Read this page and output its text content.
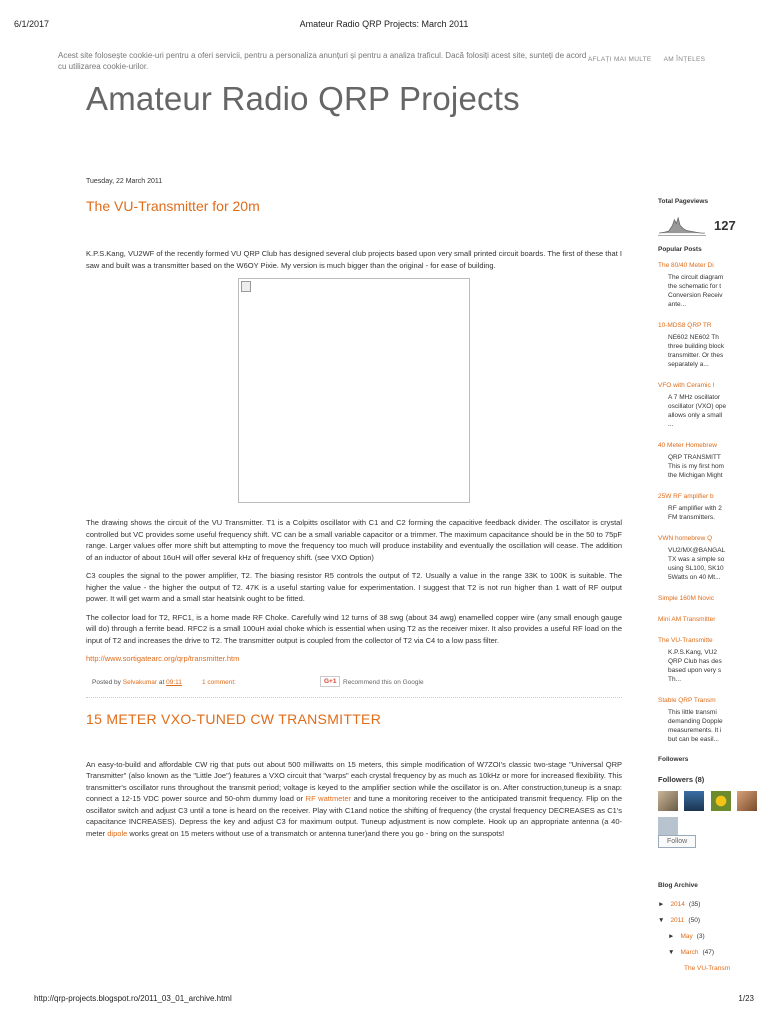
6/1/2017	Amateur Radio QRP Projects: March 2011
Acest site folosește cookie-uri pentru a oferi servicii, pentru a personaliza anunțuri și pentru a analiza traficul. Dacă folosiți acest site, sunteți de acord cu utilizarea cookie-urilor.
AFLAȚI MAI MULTE AM ÎNȚELES
Amateur Radio QRP Projects
Tuesday, 22 March 2011
The VU-Transmitter for 20m

K.P.S.Kang, VU2WF of the recently formed VU QRP Club has designed several club projects based upon very small printed circuit boards. The first of these that I saw and built was a transmitter based on the W6OY Pixie. My version is much bigger than the original - for ease of building.

The drawing shows the circuit of the VU Transmitter. T1 is a Colpitts oscillator with C1 and C2 forming the capacitive feedback divider. The oscillator is crystal controlled but VC provides some useful frequency shift. VC can be a small variable capacitor or a trimmer. The maximum capacitance should be in the 50 to 75pF range. Larger values offer more shift but attempting to move the frequency too much will produce instability and eventually the oscillation will cease. The addition of an inductor of about 16uH will offer several kHz of frequency shift. (see VXO Option)

C3 couples the signal to the power amplifier, T2. The biasing resistor R5 controls the output of T2. Usually a value in the range 33K to 100K is suitable. The higher the value - the higher the output of T2. 47K is a useful starting value for experimentation. I suggest that T2 is not run higher than 1 watt of RF output power. It will get warm and a small star heatsink ought to be fitted.

The collector load for T2, RFC1, is a home made RF Choke. Carefully wind 12 turns of 38 swg (about 34 awg) enamelled copper wire (any small enough gauge will do) through a ferrite bead. RFC2 is a small 100uH axial choke which is essential when using T2 as the receiver mixer. It also provides a useful RF load on the input of T2 and increases the drive to T2. The transmitter output is coupled from the collector of T2 via C4 to a low pass filter.

http://www.sortigatearc.org/qrp/transmitter.htm

Posted by Selvakumar at 09:11	1 comment:	G+1	Recommend this on Google
15 METER VXO-TUNED CW TRANSMITTER

An easy-to-build and affordable CW rig that puts out about 500 milliwatts on 15 meters, this simple modification of W7ZOI's classic two-stage "Universal QRP Transmitter" (also known as the "Little Joe") features a VXO circuit that "warps" each crystal frequency by as much as 10kHz or more for increased flexibility. This transmitter's oscillator runs throughout the transmit period; voltage is keyed to the amplifier section while the oscillator is on. After construction,tuneup is a snap: connect a 12-15 VDC power source and 50-ohm dummy load or RF wattmeter and tune a monitoring receiver to the anticipated transmit frequency. Flip on the oscillator switch and adjust C3 until a tone is heard on the receiver. Play with C1and notice the shifting of frequency (the crystal frequency DECREASES as C1's capacitance INCREASES). Depress the key and adjust C3 for maximum output. Tuneup adjustment is now complete. Hook up an appropriate antenna (a 40-meter dipole works great on 15 meters without use of a transmatch or antenna tuner)and there you go - bring on the sunspots!

Total Pageviews
127
Popular Posts
The 80/40 Meter Di
The circuit diagram
the schematic for t
Conversion Receiv
ante...
10-MDS8 QRP TR
NE602 NE602 Th
three building block
transmitter. Or thes
separately a...
VFO with Ceramic I
A 7 MHz oscillator
oscillator (VXO) ope
allows only a small
...
40 Meter Homebrew
QRP TRANSMITT
This is my first hom
the Michigan Might
25W RF amplifier b
RF amplifier with 2
FM transmitters.
VWN homebrew Q
VU2/MX@BANGAL
TX was a simple so
using SL100, SK10
5Watts on 40 Mt...
Simple 160M Novic
Mini AM Transmitter
The VU-Transmitte
K.P.S.Kang, VU2
QRP Club has des
based upon very s
Th...
Stable QRP Transm
This little transmi
demanding Dopple
measurements. It i
but can be easil...
Followers
Followers (8)

Follow
Blog Archive
► 2014 (35)
▼ 2011 (50)
► May (3)
▼ March (47)
The VU-Transm
http://qrp-projects.blogspot.ro/2011_03_01_archive.html	1/23
